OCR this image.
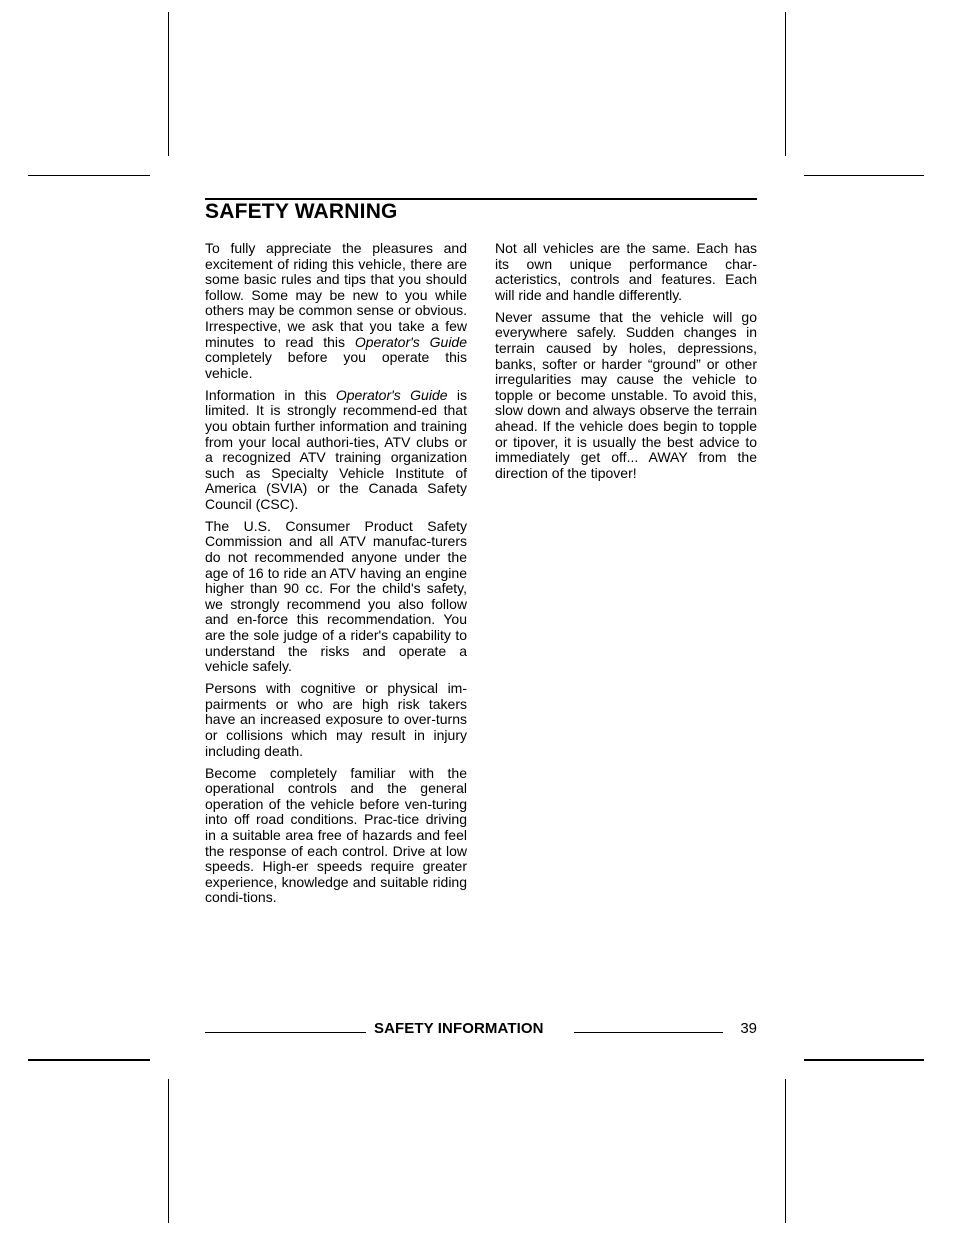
SAFETY WARNING

To fully appreciate the pleasures and excitement of riding this vehicle, there are some basic rules and tips that you should follow. Some may be new to you while others may be common sense or obvious. Irrespective, we ask that you take a few minutes to read this Operator's Guide completely before you operate this vehicle.

Information in this Operator's Guide is limited. It is strongly recommend-ed that you obtain further information and training from your local authori-ties, ATV clubs or a recognized ATV training organization such as Specialty Vehicle Institute of America (SVIA) or the Canada Safety Council (CSC).

The U.S. Consumer Product Safety Commission and all ATV manufac-turers do not recommended anyone under the age of 16 to ride an ATV having an engine higher than 90 cc. For the child's safety, we strongly recommend you also follow and en-force this recommendation. You are the sole judge of a rider's capability to understand the risks and operate a vehicle safely.

Persons with cognitive or physical im-pairments or who are high risk takers have an increased exposure to over-turns or collisions which may result in injury including death.

Become completely familiar with the operational controls and the general operation of the vehicle before ven-turing into off road conditions. Prac-tice driving in a suitable area free of hazards and feel the response of each control. Drive at low speeds. High-er speeds require greater experience, knowledge and suitable riding condi-tions.

Not all vehicles are the same. Each has its own unique performance char-acteristics, controls and features. Each will ride and handle differently.

Never assume that the vehicle will go everywhere safely. Sudden changes in terrain caused by holes, depressions, banks, softer or harder “ground” or other irregularities may cause the vehicle to topple or become unstable. To avoid this, slow down and always observe the terrain ahead. If the vehicle does begin to topple or tipover, it is usually the best advice to immediately get off... AWAY from the direction of the tipover!

SAFETY INFORMATION	39
